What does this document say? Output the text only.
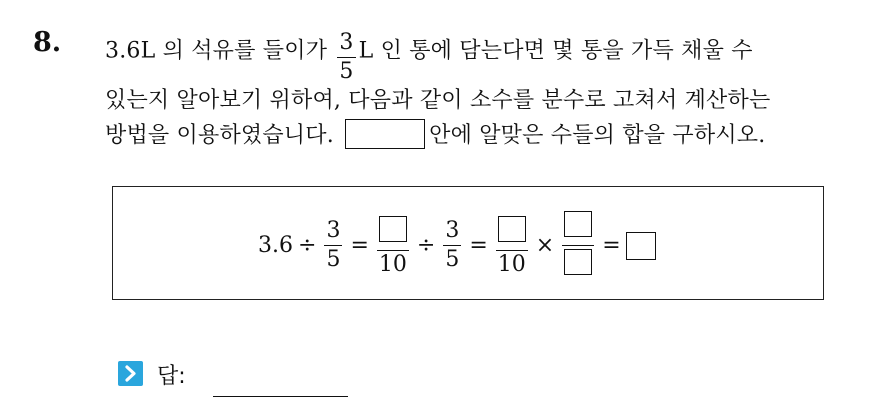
8. 3.6L 의 석유를 들이가 $\frac{3}{5}$ L 인 통에 담는다면 몇 통을 가득 채울 수
있는지 알아보기 위하여, 다음과 같이 소수를 분수로 고쳐서 계산하는
방법을 이용하였습니다.	안에 알맞은 수들의 합을 구하시오.
$3.6 \div \frac{3}{5}$ =
10
÷ $\frac{3}{5}$ =
10
× =
답:
